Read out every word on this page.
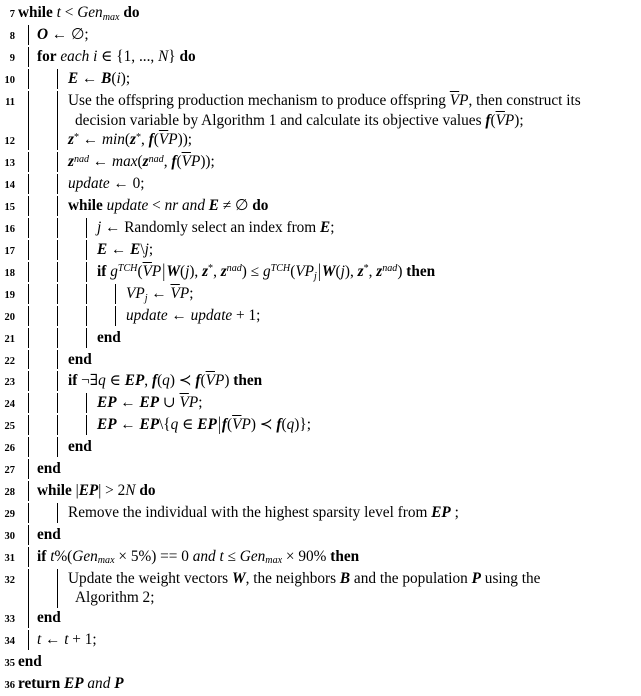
7 while t < Gen$_{max}$ do
8	O ← ∅;
9	for each i ∈ {1, ..., N} do
10	E ← B(i);
11	Use the offspring production mechanism to produce offspring $\overline{V}P$, then construct its
decision variable by Algorithm 1 and calculate its objective values $f(\overline{V}P)$;
12	z* ← min(z*, $f(\overline{V}P)$);
13	$z^{nad}$ ← $\max(z^{nad}$, $f(\overline{V}P)$);
14	update ← 0;
15	while update < nr and E ≠ ∅ do
16	j ← Randomly select an index from E;
17	E ← E\j;
18	if $g^{TCH}(\overline{V}P|W(j)$, z*, $z^{nad}) \le g^{TCH}(VP_j|W(j)$, z*, $z^{nad}$) then
19	$VP_j$ ← $\overline{V}P$;
20	update ← update + 1;
21	end
22	end
23	if ¬∃q ∈ EP, f(q) ≺ $f(\overline{V}P)$ then
24	EP ← EP ∪ $\overline{V}P$;
25	EP ← EP\{q ∈ $EP|f(\overline{V}P)$ ≺ f(q)};
26	end
27	end
28	while |EP| > 2N do
29	Remove the individual with the highest sparsity level from EP ;
30	end
31	if t%(Gen$_{max}$ × 5%) == 0 and t ≤ Gen$_{max}$ × 90% then
32	Update the weight vectors W, the neighbors B and the population P using the
Algorithm 2;
33	end
34	t ← t + 1;
35 end
36 return EP and P
